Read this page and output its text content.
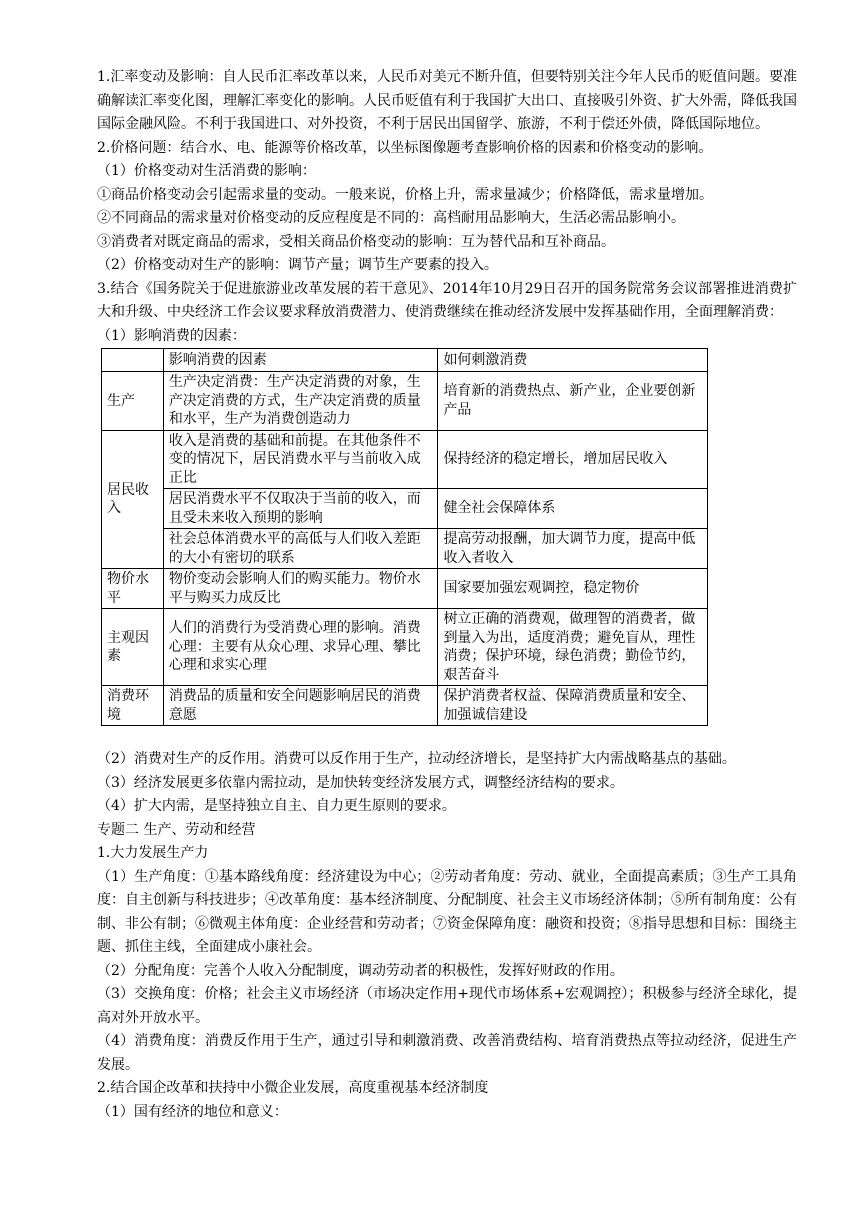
1.汇率变动及影响：自人民币汇率改革以来，人民币对美元不断升值，但要特别关注今年人民币的贬值问题。要准确解读汇率变化图，理解汇率变化的影响。人民币贬值有利于我国扩大出口、直接吸引外资、扩大外需，降低我国国际金融风险。不利于我国进口、对外投资，不利于居民出国留学、旅游，不利于偿还外债，降低国际地位。

2.价格问题：结合水、电、能源等价格改革，以坐标图像题考查影响价格的因素和价格变动的影响。

（1）价格变动对生活消费的影响：

①商品价格变动会引起需求量的变动。一般来说，价格上升，需求量减少；价格降低，需求量增加。

②不同商品的需求量对价格变动的反应程度是不同的：高档耐用品影响大，生活必需品影响小。

③消费者对既定商品的需求，受相关商品价格变动的影响：互为替代品和互补商品。

（2）价格变动对生产的影响：调节产量；调节生产要素的投入。

3.结合《国务院关于促进旅游业改革发展的若干意见》、2014年10月29日召开的国务院常务会议部署推进消费扩大和升级、中央经济工作会议要求释放消费潜力、使消费继续在推动经济发展中发挥基础作用，全面理解消费：

（1）影响消费的因素：

	影响消费的因素	如何刺激消费
生产	生产决定消费：生产决定消费的对象，生产决定消费的方式，生产决定消费的质量和水平，生产为消费创造动力	培育新的消费热点、新产业，企业要创新产品
居民收入	收入是消费的基础和前提。在其他条件不变的情况下，居民消费水平与当前收入成正比	保持经济的稳定增长，增加居民收入
	居民消费水平不仅取决于当前的收入，而且受未来收入预期的影响	健全社会保障体系
	社会总体消费水平的高低与人们收入差距的大小有密切的联系	提高劳动报酬，加大调节力度，提高中低收入者收入
物价水平	物价变动会影响人们的购买能力。物价水平与购买力成反比	国家要加强宏观调控，稳定物价
主观因素	人们的消费行为受消费心理的影响。消费心理：主要有从众心理、求异心理、攀比心理和求实心理	树立正确的消费观，做理智的消费者，做到量入为出，适度消费；避免盲从，理性消费；保护环境，绿色消费；勤俭节约，艰苦奋斗
消费环境	消费品的质量和安全问题影响居民的消费意愿	保护消费者权益、保障消费质量和安全、加强诚信建设

（2）消费对生产的反作用。消费可以反作用于生产，拉动经济增长，是坚持扩大内需战略基点的基础。

（3）经济发展更多依靠内需拉动，是加快转变经济发展方式，调整经济结构的要求。

（4）扩大内需，是坚持独立自主、自力更生原则的要求。

专题二 生产、劳动和经营

1.大力发展生产力

（1）生产角度：①基本路线角度：经济建设为中心；②劳动者角度：劳动、就业，全面提高素质；③生产工具角度：自主创新与科技进步；④改革角度：基本经济制度、分配制度、社会主义市场经济体制；⑤所有制角度：公有制、非公有制；⑥微观主体角度：企业经营和劳动者；⑦资金保障角度：融资和投资；⑧指导思想和目标：围绕主题、抓住主线，全面建成小康社会。

（2）分配角度：完善个人收入分配制度，调动劳动者的积极性，发挥好财政的作用。

（3）交换角度：价格；社会主义市场经济（市场决定作用+现代市场体系+宏观调控）；积极参与经济全球化，提高对外开放水平。

（4）消费角度：消费反作用于生产，通过引导和刺激消费、改善消费结构、培育消费热点等拉动经济，促进生产发展。

2.结合国企改革和扶持中小微企业发展，高度重视基本经济制度

（1）国有经济的地位和意义：
